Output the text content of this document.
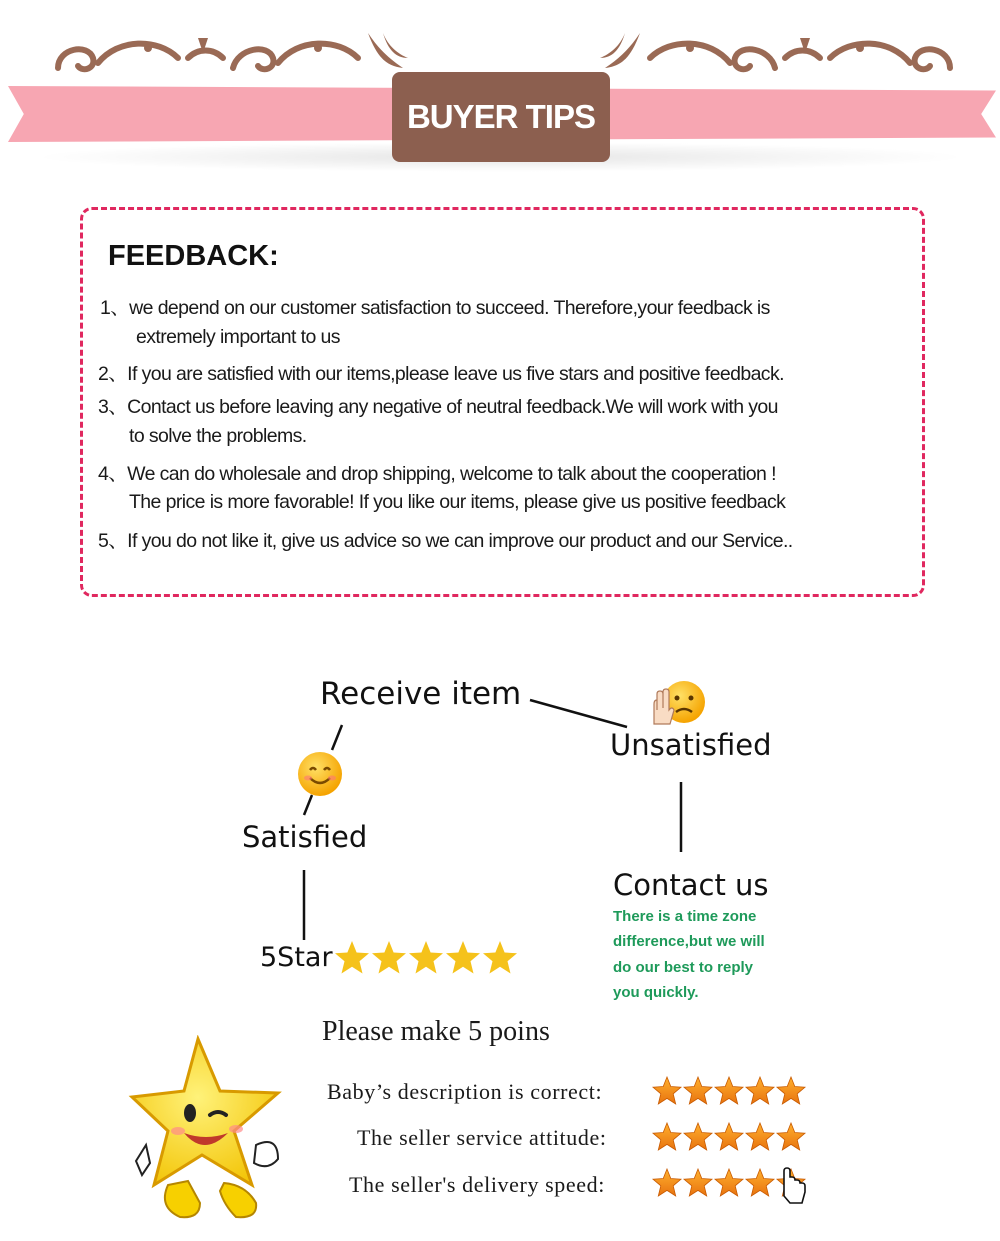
BUYER TIPS
FEEDBACK:
1、we depend on our customer satisfaction to succeed. Therefore,your feedback is
extremely important to us
2、If you are satisfied with our items,please leave us five stars and positive feedback.
3、Contact us before leaving any negative of neutral feedback.We will work with you
to solve the problems.
4、We can do wholesale and drop shipping, welcome to talk about the cooperation !
The price is more favorable! If you like our items, please give us positive feedback
5、If you do not like it, give us advice so we can improve our product and our Service..
Receive item
Unsatisfied
Satisfied
5Star
Contact us
There is a time zone
difference,but we will
do our best to reply
you quickly.
Please make 5 poins
Baby’s description is correct:
The seller service attitude:
The seller's delivery speed:
